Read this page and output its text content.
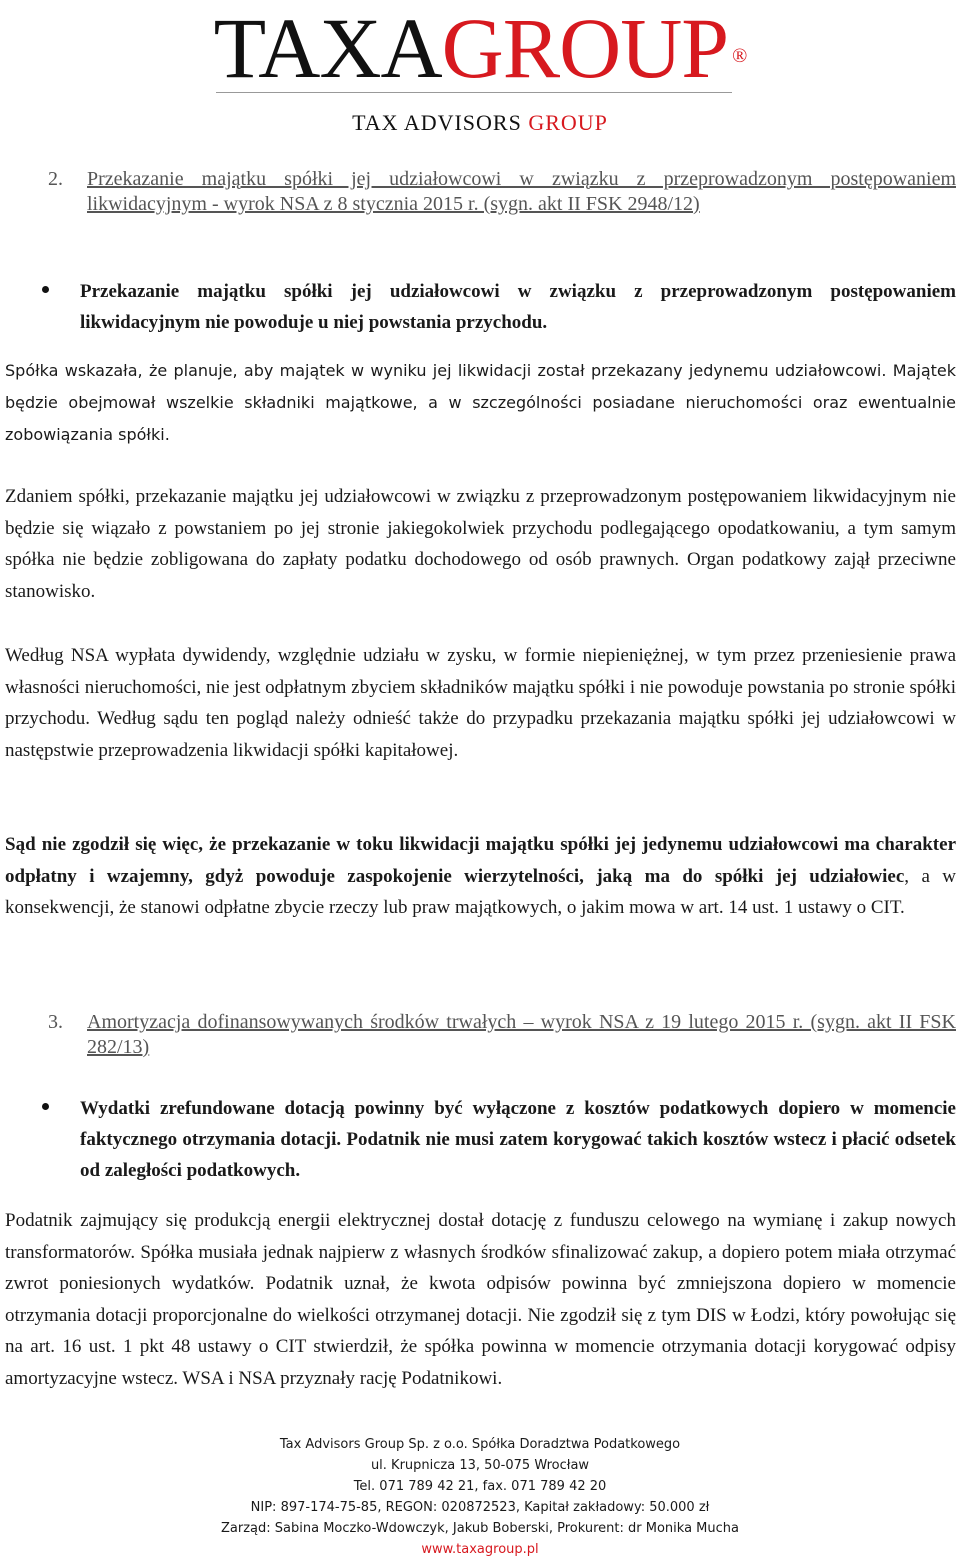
TAXAGROUP ®
TAX ADVISORS GROUP
2. Przekazanie majątku spółki jej udziałowcowi w związku z przeprowadzonym postępowaniem likwidacyjnym - wyrok NSA z 8 stycznia 2015 r. (sygn. akt II FSK 2948/12)
Przekazanie majątku spółki jej udziałowcowi w związku z przeprowadzonym postępowaniem likwidacyjnym nie powoduje u niej powstania przychodu.
Spółka wskazała, że planuje, aby majątek w wyniku jej likwidacji został przekazany jedynemu udziałowcowi. Majątek będzie obejmował wszelkie składniki majątkowe, a w szczególności posiadane nieruchomości oraz ewentualnie zobowiązania spółki.
Zdaniem spółki, przekazanie majątku jej udziałowcowi w związku z przeprowadzonym postępowaniem likwidacyjnym nie będzie się wiązało z powstaniem po jej stronie jakiegokolwiek przychodu podlegającego opodatkowaniu, a tym samym spółka nie będzie zobligowana do zapłaty podatku dochodowego od osób prawnych. Organ podatkowy zajął przeciwne stanowisko.
Według NSA wypłata dywidendy, względnie udziału w zysku, w formie niepieniężnej, w tym przez przeniesienie prawa własności nieruchomości, nie jest odpłatnym zbyciem składników majątku spółki i nie powoduje powstania po stronie spółki przychodu. Według sądu ten pogląd należy odnieść także do przypadku przekazania majątku spółki jej udziałowcowi w następstwie przeprowadzenia likwidacji spółki kapitałowej.
Sąd nie zgodził się więc, że przekazanie w toku likwidacji majątku spółki jej jedynemu udziałowcowi ma charakter odpłatny i wzajemny, gdyż powoduje zaspokojenie wierzytelności, jaką ma do spółki jej udziałowiec, a w konsekwencji, że stanowi odpłatne zbycie rzeczy lub praw majątkowych, o jakim mowa w art. 14 ust. 1 ustawy o CIT.
3. Amortyzacja dofinansowywanych środków trwałych – wyrok NSA z 19 lutego 2015 r. (sygn. akt II FSK 282/13)
Wydatki zrefundowane dotacją powinny być wyłączone z kosztów podatkowych dopiero w momencie faktycznego otrzymania dotacji. Podatnik nie musi zatem korygować takich kosztów wstecz i płacić odsetek od zaległości podatkowych.
Podatnik zajmujący się produkcją energii elektrycznej dostał dotację z funduszu celowego na wymianę i zakup nowych transformatorów. Spółka musiała jednak najpierw z własnych środków sfinalizować zakup, a dopiero potem miała otrzymać zwrot poniesionych wydatków. Podatnik uznał, że kwota odpisów powinna być zmniejszona dopiero w momencie otrzymania dotacji proporcjonalne do wielkości otrzymanej dotacji. Nie zgodził się z tym DIS w Łodzi, który powołując się na art. 16 ust. 1 pkt 48 ustawy o CIT stwierdził, że spółka powinna w momencie otrzymania dotacji korygować odpisy amortyzacyjne wstecz. WSA i NSA przyznały rację Podatnikowi.
Tax Advisors Group Sp. z o.o. Spółka Doradztwa Podatkowego
ul. Krupnicza 13, 50-075 Wrocław
Tel. 071 789 42 21, fax. 071 789 42 20
NIP: 897-174-75-85, REGON: 020872523, Kapitał zakładowy: 50.000 zł
Zarząd: Sabina Moczko-Wdowczyk, Jakub Boberski, Prokurent: dr Monika Mucha
www.taxagroup.pl
